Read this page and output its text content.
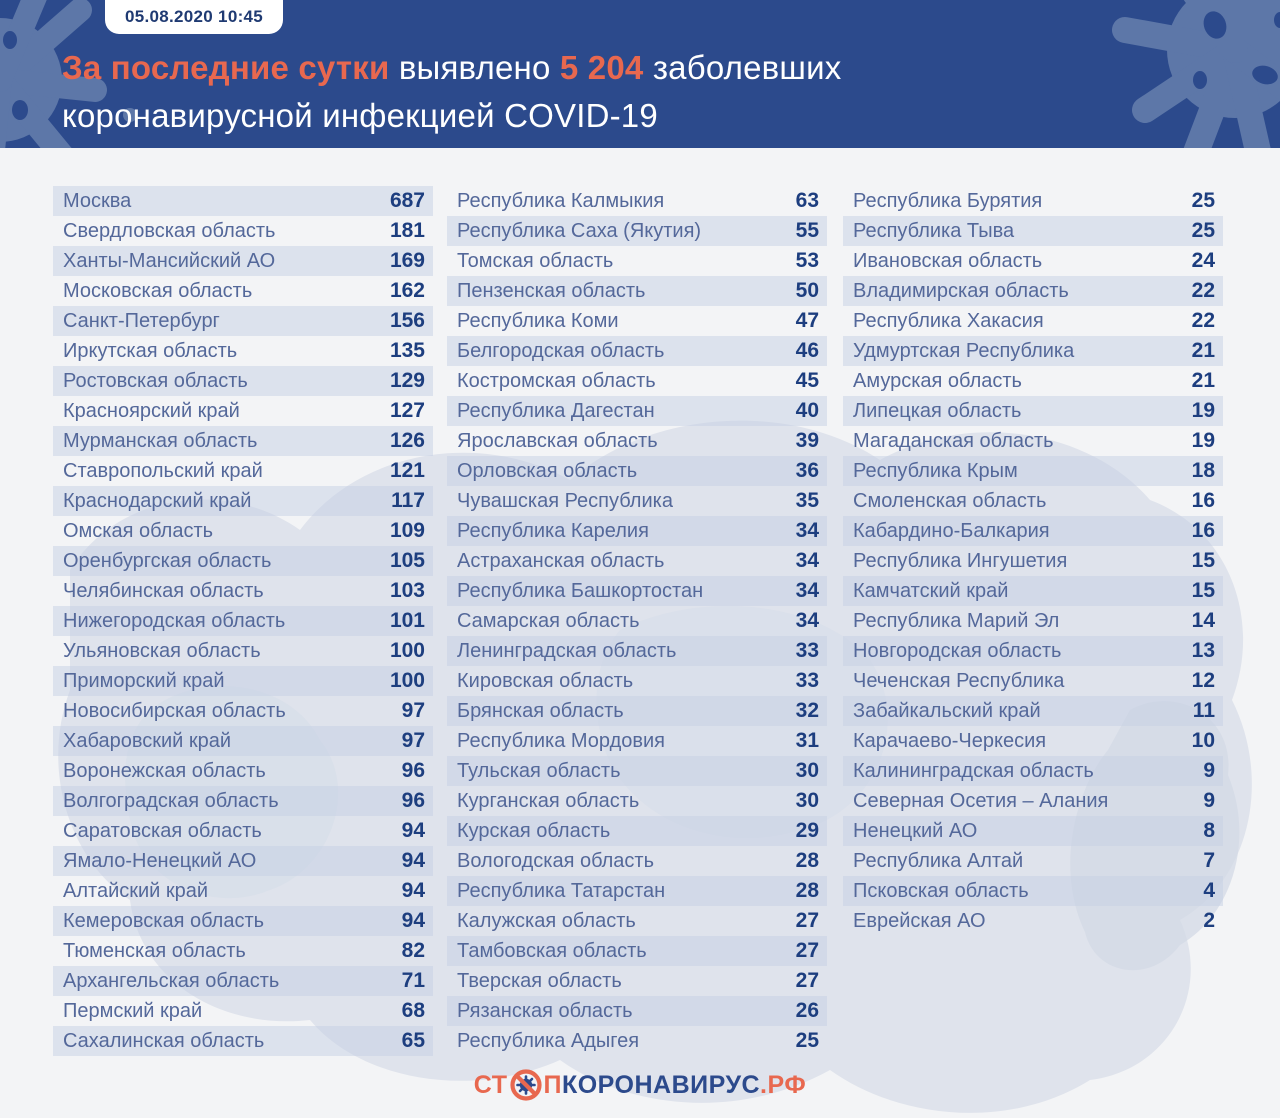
05.08.2020 10:45
За последние сутки выявлено 5 204 заболевших
коронавирусной инфекцией COVID-19
Москва	687
Свердловская область	181
Ханты-Мансийский АО	169
Московская область	162
Санкт-Петербург	156
Иркутская область	135
Ростовская область	129
Красноярский край	127
Мурманская область	126
Ставропольский край	121
Краснодарский край	117
Омская область	109
Оренбургская область	105
Челябинская область	103
Нижегородская область	101
Ульяновская область	100
Приморский край	100
Новосибирская область	97
Хабаровский край	97
Воронежская область	96
Волгоградская область	96
Саратовская область	94
Ямало-Ненецкий АО	94
Алтайский край	94
Кемеровская область	94
Тюменская область	82
Архангельская область	71
Пермский край	68
Сахалинская область	65
Республика Калмыкия	63
Республика Саха (Якутия)	55
Томская область	53
Пензенская область	50
Республика Коми	47
Белгородская область	46
Костромская область	45
Республика Дагестан	40
Ярославская область	39
Орловская область	36
Чувашская Республика	35
Республика Карелия	34
Астраханская область	34
Республика Башкортостан	34
Самарская область	34
Ленинградская область	33
Кировская область	33
Брянская область	32
Республика Мордовия	31
Тульская область	30
Курганская область	30
Курская область	29
Вологодская область	28
Республика Татарстан	28
Калужская область	27
Тамбовская область	27
Тверская область	27
Рязанская область	26
Республика Адыгея	25
Республика Бурятия	25
Республика Тыва	25
Ивановская область	24
Владимирская область	22
Республика Хакасия	22
Удмуртская Республика	21
Амурская область	21
Липецкая область	19
Магаданская область	19
Республика Крым	18
Смоленская область	16
Кабардино-Балкария	16
Республика Ингушетия	15
Камчатский край	15
Республика Марий Эл	14
Новгородская область	13
Чеченская Республика	12
Забайкальский край	11
Карачаево-Черкесия	10
Калининградская область	9
Северная Осетия – Алания	9
Ненецкий АО	8
Республика Алтай	7
Псковская область	4
Еврейская АО	2
СТ П КОРОНАВИРУС .РФ
